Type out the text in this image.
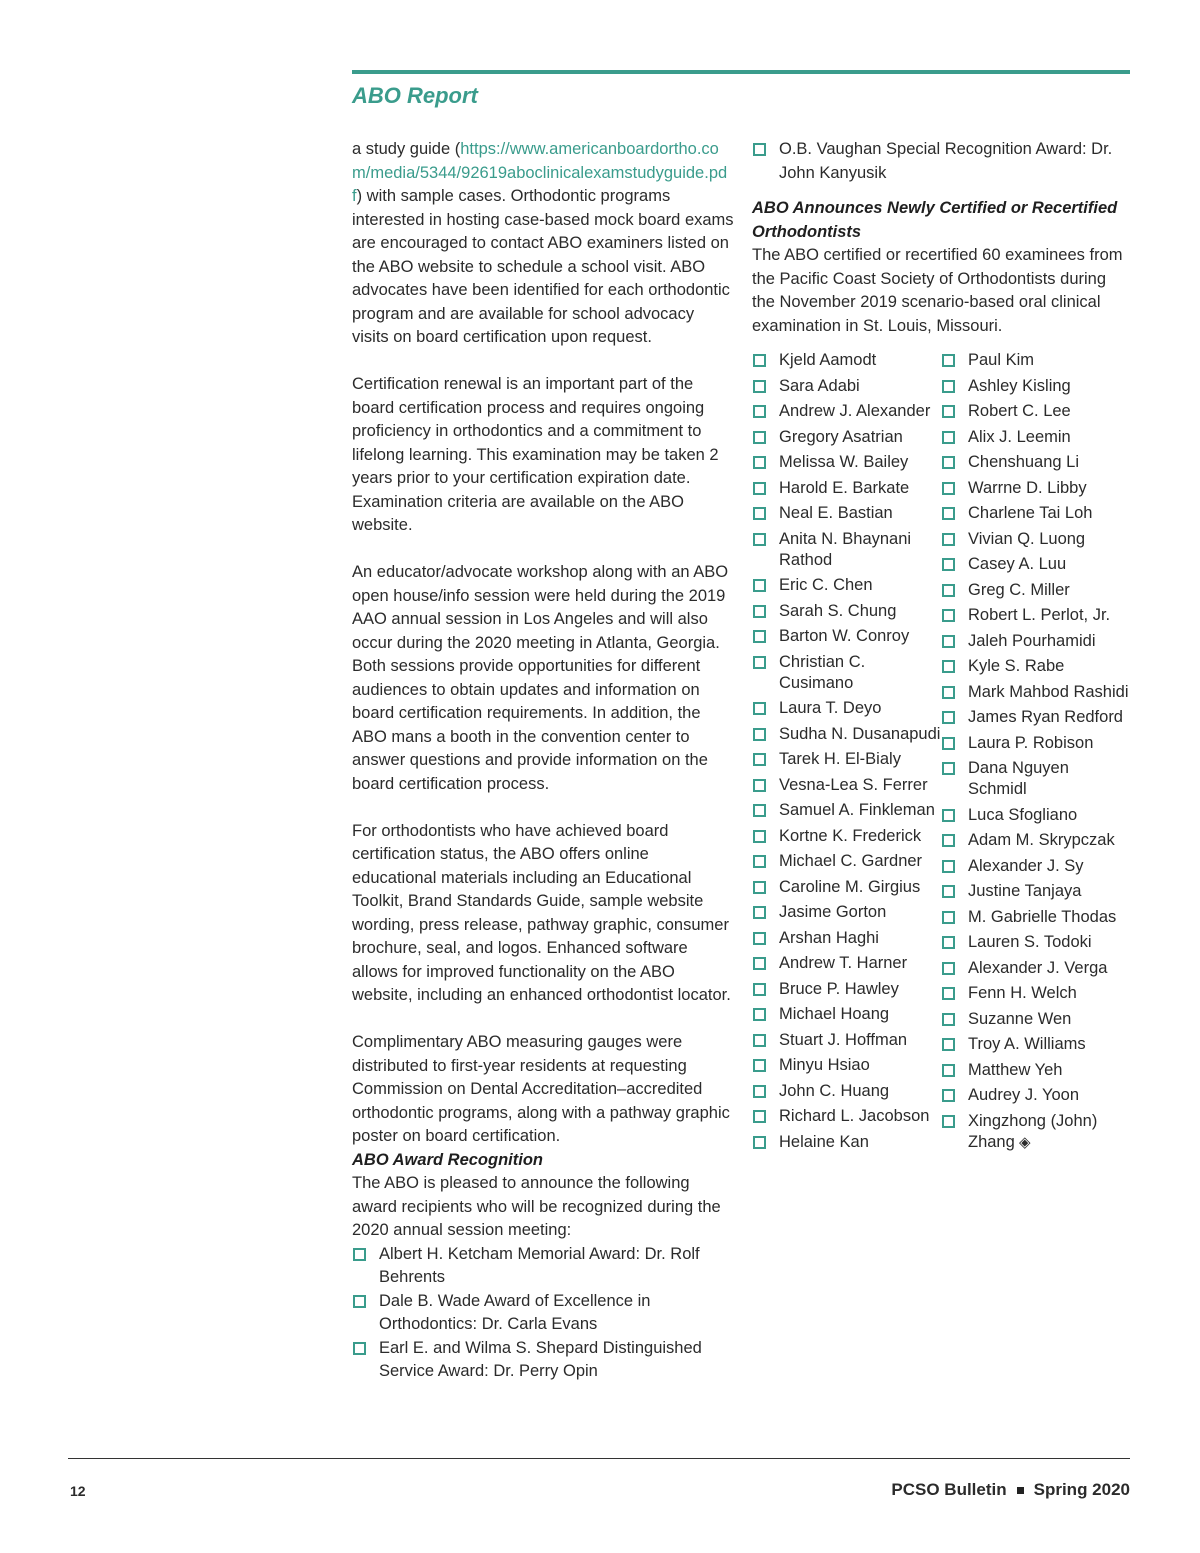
ABO Report

a study guide (https://www.americanboardortho.com/media/5344/92619aboclinicalexamstudyguide.pdf) with sample cases. Orthodontic programs interested in hosting case-based mock board exams are encouraged to contact ABO examiners listed on the ABO website to schedule a school visit. ABO advocates have been identified for each orthodontic program and are available for school advocacy visits on board certification upon request.

Certification renewal is an important part of the board certification process and requires ongoing proficiency in orthodontics and a commitment to lifelong learning. This examination may be taken 2 years prior to your certification expiration date. Examination criteria are available on the ABO website.

An educator/advocate workshop along with an ABO open house/info session were held during the 2019 AAO annual session in Los Angeles and will also occur during the 2020 meeting in Atlanta, Georgia. Both sessions provide opportunities for different audiences to obtain updates and information on board certification requirements. In addition, the ABO mans a booth in the convention center to answer questions and provide information on the board certification process.

For orthodontists who have achieved board certification status, the ABO offers online educational materials including an Educational Toolkit, Brand Standards Guide, sample website wording, press release, pathway graphic, consumer brochure, seal, and logos. Enhanced software allows for improved functionality on the ABO website, including an enhanced orthodontist locator.

Complimentary ABO measuring gauges were distributed to first-year residents at requesting Commission on Dental Accreditation–accredited orthodontic programs, along with a pathway graphic poster on board certification.

ABO Award Recognition

The ABO is pleased to announce the following award recipients who will be recognized during the 2020 annual session meeting:

Albert H. Ketcham Memorial Award: Dr. Rolf Behrents
Dale B. Wade Award of Excellence in Orthodontics: Dr. Carla Evans
Earl E. and Wilma S. Shepard Distinguished Service Award: Dr. Perry Opin
O.B. Vaughan Special Recognition Award: Dr. John Kanyusik
ABO Announces Newly Certified or Recertified Orthodontists

The ABO certified or recertified 60 examinees from the Pacific Coast Society of Orthodontists during the November 2019 scenario-based oral clinical examination in St. Louis, Missouri.

Kjeld Aamodt
Sara Adabi
Andrew J. Alexander
Gregory Asatrian
Melissa W. Bailey
Harold E. Barkate
Neal E. Bastian
Anita N. Bhaynani Rathod
Eric C. Chen
Sarah S. Chung
Barton W. Conroy
Christian C. Cusimano
Laura T. Deyo
Sudha N. Dusanapudi
Tarek H. El-Bialy
Vesna-Lea S. Ferrer
Samuel A. Finkleman
Kortne K. Frederick
Michael C. Gardner
Caroline M. Girgius
Jasime Gorton
Arshan Haghi
Andrew T. Harner
Bruce P. Hawley
Michael Hoang
Stuart J. Hoffman
Minyu Hsiao
John C. Huang
Richard L. Jacobson
Helaine Kan
Paul Kim
Ashley Kisling
Robert C. Lee
Alix J. Leemin
Chenshuang Li
Warrne D. Libby
Charlene Tai Loh
Vivian Q. Luong
Casey A. Luu
Greg C. Miller
Robert L. Perlot, Jr.
Jaleh Pourhamidi
Kyle S. Rabe
Mark Mahbod Rashidi
James Ryan Redford
Laura P. Robison
Dana Nguyen Schmidl
Luca Sfogliano
Adam M. Skrypczak
Alexander J. Sy
Justine Tanjaya
M. Gabrielle Thodas
Lauren S. Todoki
Alexander J. Verga
Fenn H. Welch
Suzanne Wen
Troy A. Williams
Matthew Yeh
Audrey J. Yoon
Xingzhong (John) Zhang ◈
12	PCSO Bulletin Spring 2020
